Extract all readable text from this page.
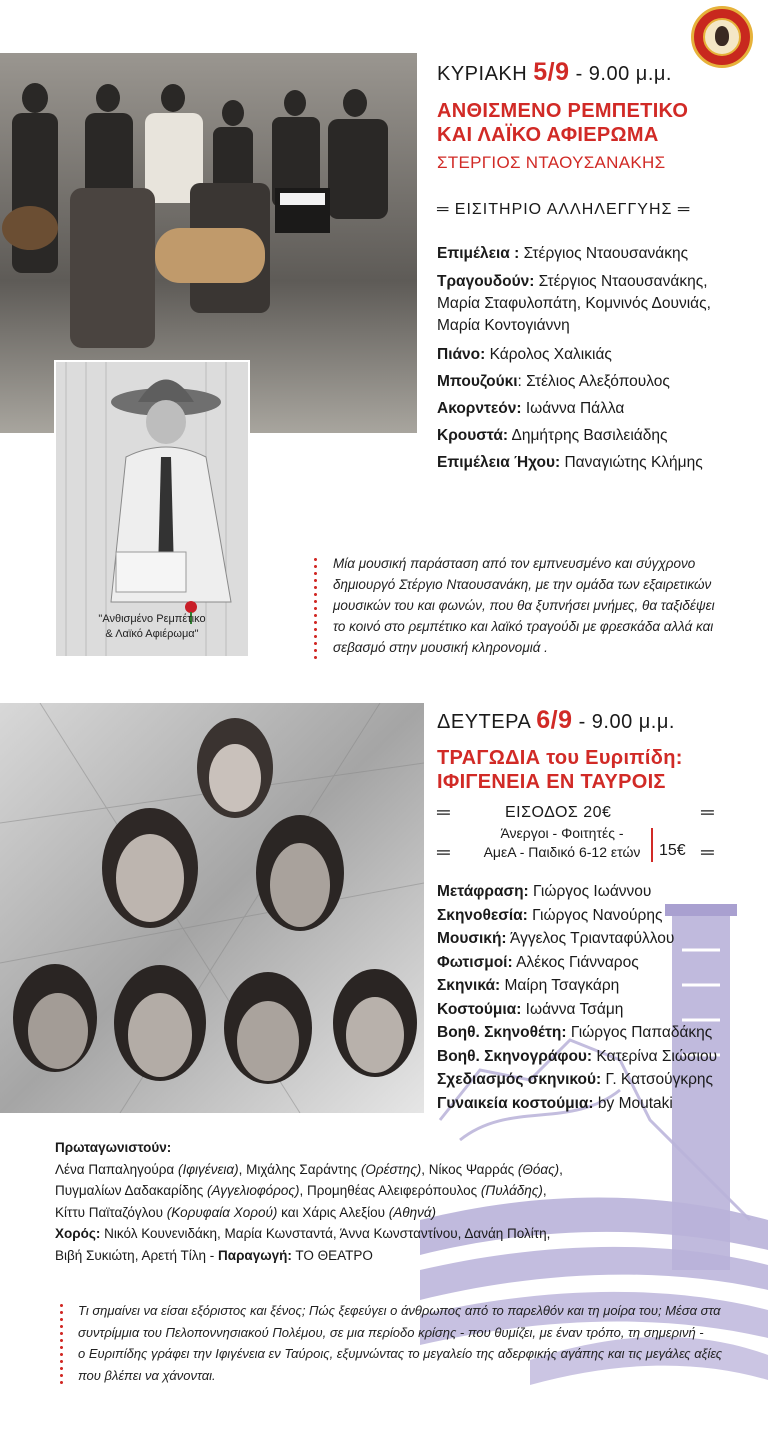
"Ανθισμένο Ρεμπέτικο
& Λαϊκό Αφιέρωμα"
ΚΥΡΙΑΚΗ 5/9 - 9.00 μ.μ.
ΑΝΘΙΣΜΕΝΟ ΡΕΜΠΕΤΙΚΟ
ΚΑΙ ΛΑΪΚΟ ΑΦΙΕΡΩΜΑ
ΣΤΕΡΓΙΟΣ ΝΤΑΟΥΣΑΝΑΚΗΣ
═ ΕΙΣΙΤΗΡΙΟ ΑΛΛΗΛΕΓΓΥΗΣ ═
Επιμέλεια : Στέργιος Νταουσανάκης
Τραγουδούν: Στέργιος Νταουσανάκης,
Μαρία Σταφυλοπάτη, Κομνινός Δουνιάς,
Μαρία Κοντογιάννη
Πιάνο: Κάρολος Χαλικιάς
Μπουζούκι: Στέλιος Αλεξόπουλος
Ακορντεόν: Ιωάννα Πάλλα
Κρουστά: Δημήτρης Βασιλειάδης
Επιμέλεια Ήχου: Παναγιώτης Κλήμης
Μία μουσική παράσταση από τον εμπνευσμένο και σύγχρονο
δημιουργό Στέργιο Νταουσανάκη, με την ομάδα των εξαιρετικών
μουσικών του και φωνών, που θα ξυπνήσει μνήμες, θα ταξιδέψει
το κοινό στο ρεμπέτικο και λαϊκό τραγούδι με φρεσκάδα αλλά και
σεβασμό στην μουσική κληρονομιά .
ΔΕΥΤΕΡΑ 6/9 - 9.00 μ.μ.
ΤΡΑΓΩΔΙΑ του Ευριπίδη:
ΙΦΙΓΕΝΕΙΑ ΕΝ ΤΑΥΡΟΙΣ
═	ΕΙΣΟΔΟΣ 20€	═
═
Άνεργοι - Φοιτητές -
ΑμεΑ - Παιδικό 6-12 ετών	15€ ═
Μετάφραση: Γιώργος Ιωάννου
Σκηνοθεσία: Γιώργος Νανούρης
Μουσική: Άγγελος Τριανταφύλλου
Φωτισμοί: Αλέκος Γιάνναρος
Σκηνικά: Μαίρη Τσαγκάρη
Κοστούμια: Ιωάννα Τσάμη
Βοηθ. Σκηνοθέτη: Γιώργος Παπαδάκης
Βοηθ. Σκηνογράφου: Κατερίνα Σιώσιου
Σχεδιασμός σκηνικού: Γ. Κατσούγκρης
Γυναικεία κοστούμια: by Moutaki
Πρωταγωνιστούν:
Λένα Παπαληγούρα (Ιφιγένεια), Μιχάλης Σαράντης (Ορέστης), Νίκος Ψαρράς (Θόας),
Πυγμαλίων Δαδακαρίδης (Αγγελιοφόρος), Προμηθέας Αλειφερόπουλος (Πυλάδης),
Κίττυ Παϊταζόγλου (Κορυφαία Χορού) και Χάρις Αλεξίου (Αθηνά)
Χορός: Νικόλ Κουνενιδάκη, Μαρία Κωνσταντά, Άννα Κωνσταντίνου, Δανάη Πολίτη,
Βιβή Συκιώτη, Αρετή Τίλη - Παραγωγή: ΤΟ ΘΕΑΤΡΟ
Τι σημαίνει να είσαι εξόριστος και ξένος; Πώς ξεφεύγει ο άνθρωπος από το παρελθόν και τη μοίρα του; Μέσα στα
συντρίμμια του Πελοποννησιακού Πολέμου, σε μια περίοδο κρίσης - που θυμίζει, με έναν τρόπο, τη σημερινή -
ο Ευριπίδης γράφει την Ιφιγένεια εν Ταύροις, εξυμνώντας το μεγαλείο της αδερφικής αγάπης και τις μεγάλες αξίες
που βλέπει να χάνονται.
